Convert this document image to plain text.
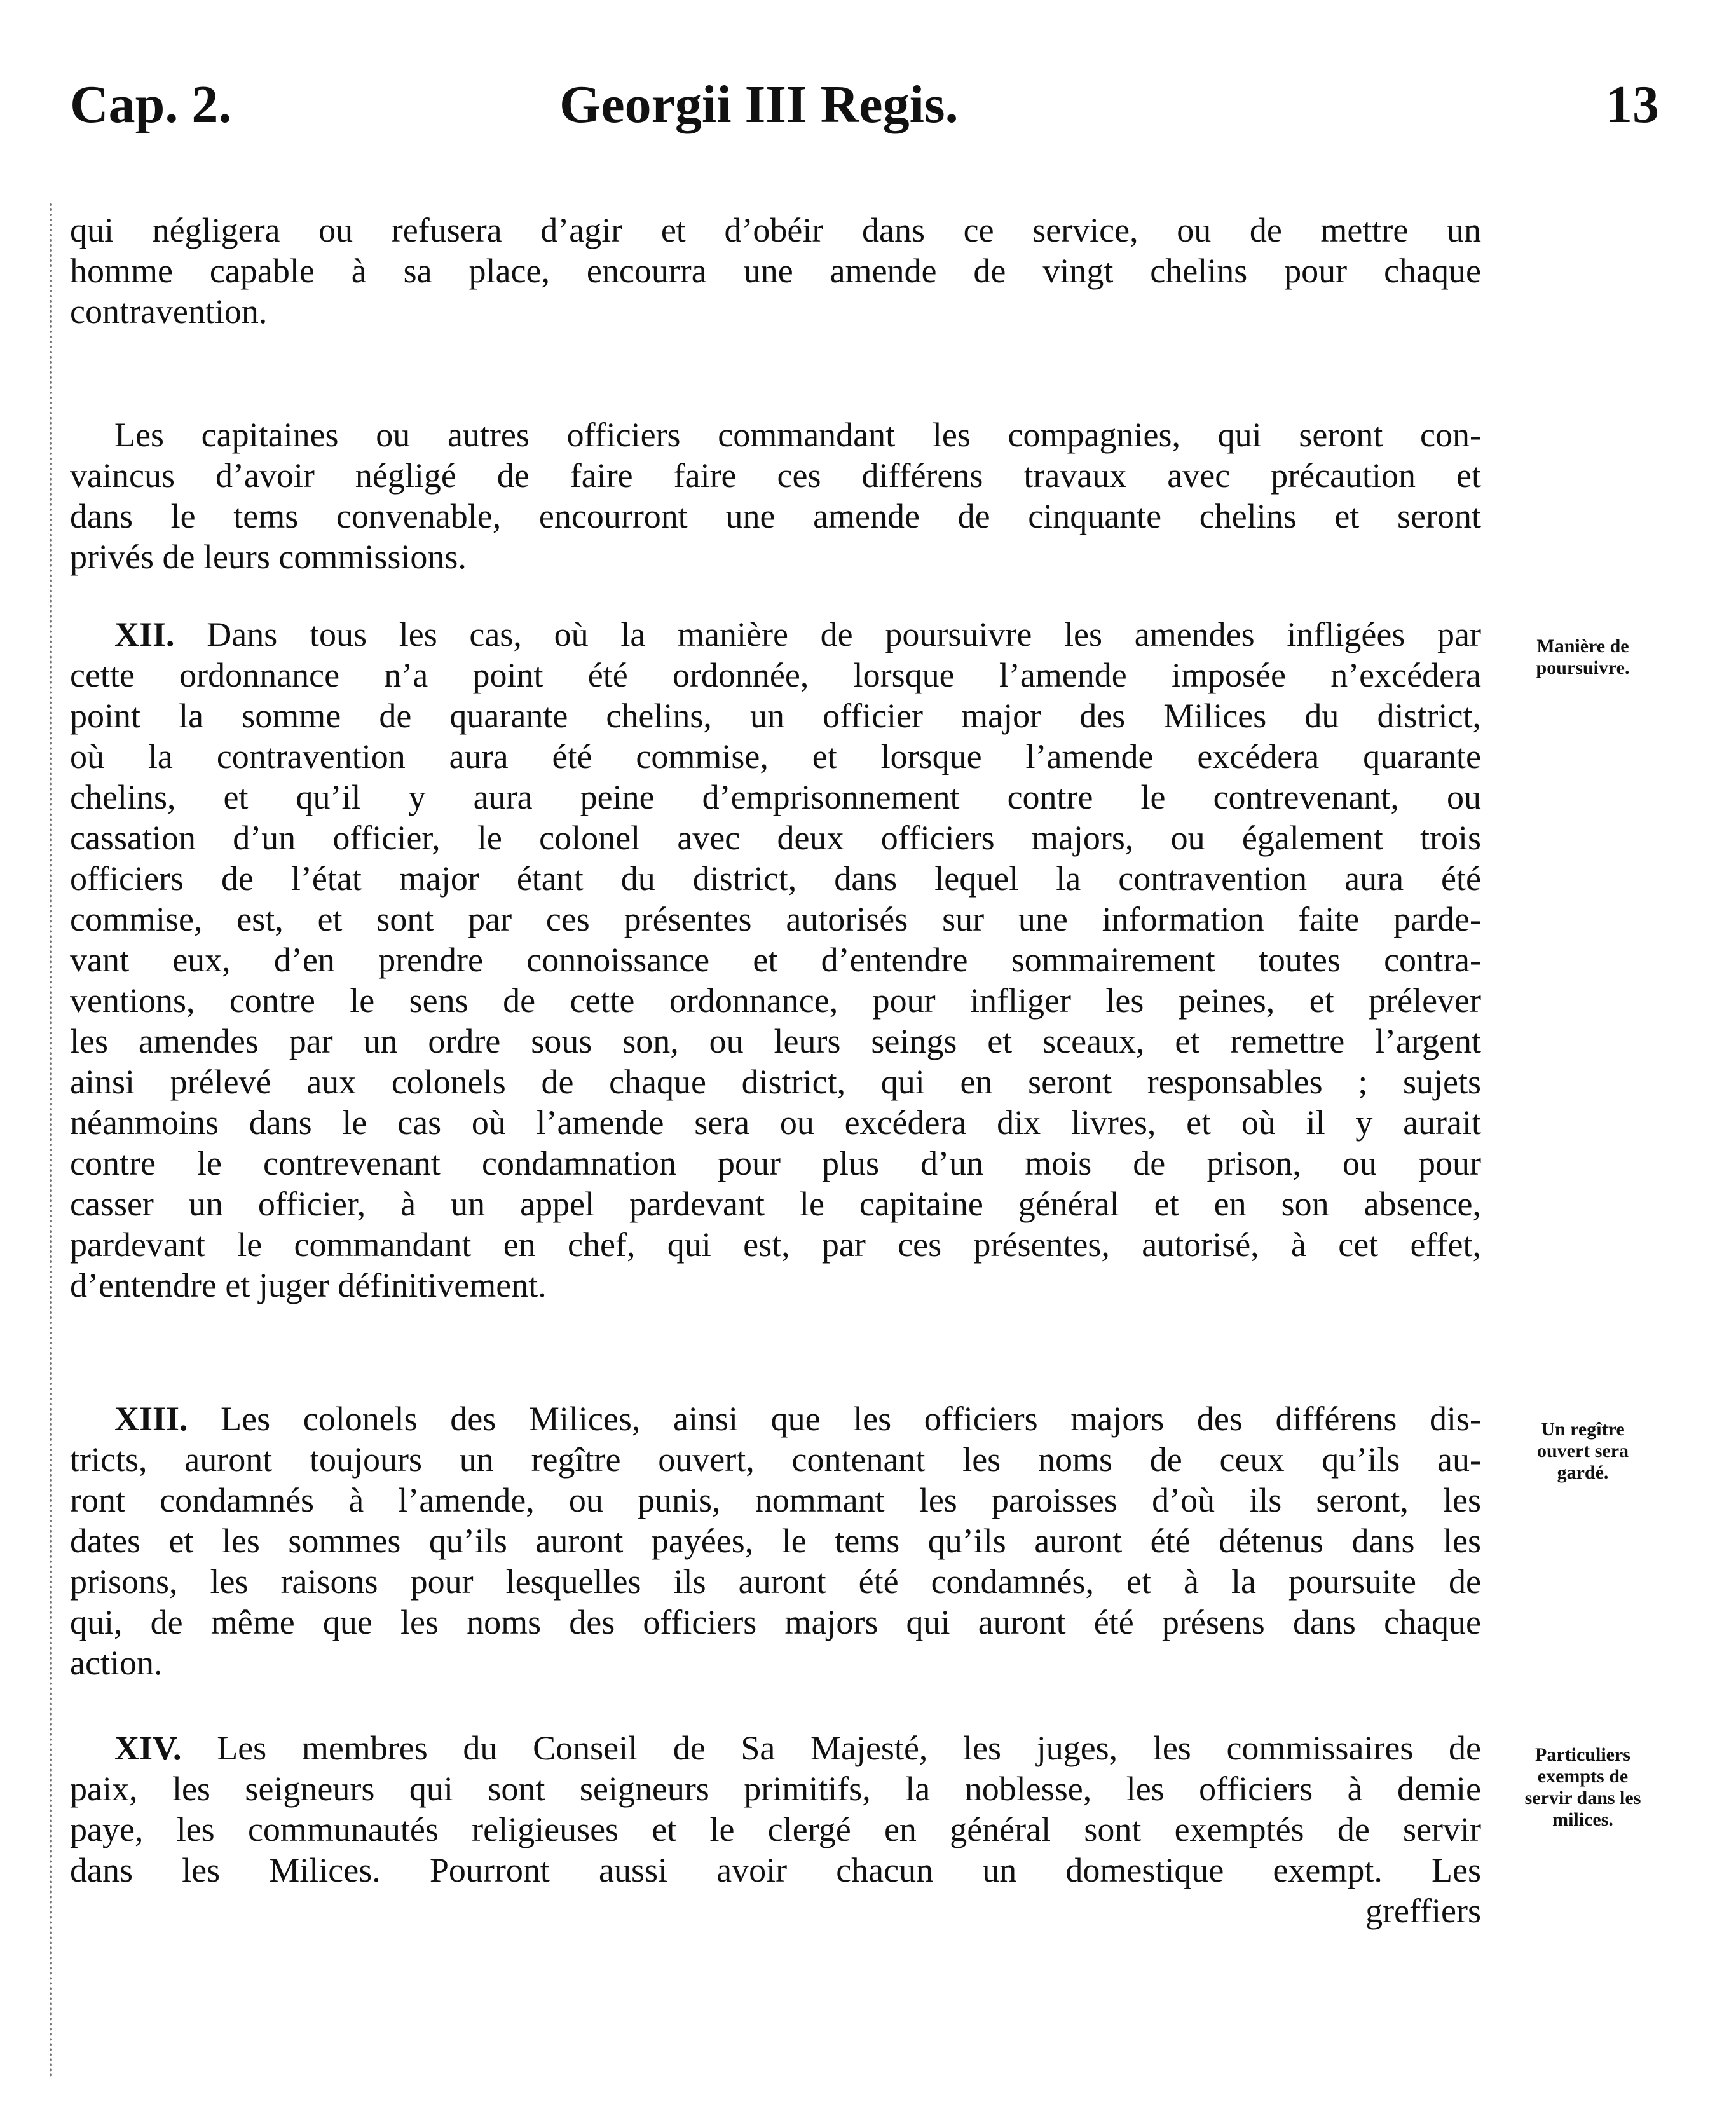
Cap. 2.	Georgii III Regis.	13
qui négligera ou refusera d’agir et d’obéir dans ce service, ou de mettre un
homme capable à sa place, encourra une amende de vingt chelins pour chaque
contravention.
Les capitaines ou autres officiers commandant les compagnies, qui seront con-
vaincus d’avoir négligé de faire faire ces différens travaux avec précaution et
dans le tems convenable, encourront une amende de cinquante chelins et seront
privés de leurs commissions.
XII. Dans tous les cas, où la manière de poursuivre les amendes infligées par
cette ordonnance n’a point été ordonnée, lorsque l’amende imposée n’excédera
point la somme de quarante chelins, un officier major des Milices du district,
où la contravention aura été commise, et lorsque l’amende excédera quarante
chelins, et qu’il y aura peine d’emprisonnement contre le contrevenant, ou
cassation d’un officier, le colonel avec deux officiers majors, ou également trois
officiers de l’état major étant du district, dans lequel la contravention aura été
commise, est, et sont par ces présentes autorisés sur une information faite parde-
vant eux, d’en prendre connoissance et d’entendre sommairement toutes contra-
ventions, contre le sens de cette ordonnance, pour infliger les peines, et prélever
les amendes par un ordre sous son, ou leurs seings et sceaux, et remettre l’argent
ainsi prélevé aux colonels de chaque district, qui en seront responsables ; sujets
néanmoins dans le cas où l’amende sera ou excédera dix livres, et où il y aurait
contre le contrevenant condamnation pour plus d’un mois de prison, ou pour
casser un officier, à un appel pardevant le capitaine général et en son absence,
pardevant le commandant en chef, qui est, par ces présentes, autorisé, à cet effet,
d’entendre et juger définitivement.
XIII. Les colonels des Milices, ainsi que les officiers majors des différens dis-
tricts, auront toujours un regître ouvert, contenant les noms de ceux qu’ils au-
ront condamnés à l’amende, ou punis, nommant les paroisses d’où ils seront, les
dates et les sommes qu’ils auront payées, le tems qu’ils auront été détenus dans les
prisons, les raisons pour lesquelles ils auront été condamnés, et à la poursuite de
qui, de même que les noms des officiers majors qui auront été présens dans chaque
action.
XIV. Les membres du Conseil de Sa Majesté, les juges, les commissaires de
paix, les seigneurs qui sont seigneurs primitifs, la noblesse, les officiers à demie
paye, les communautés religieuses et le clergé en général sont exemptés de servir
dans les Milices. Pourront aussi avoir chacun un domestique exempt. Les
greffiers
Manière de
poursuivre.
Un regître
ouvert sera
gardé.
Particuliers
exempts de
servir dans les
milices.
